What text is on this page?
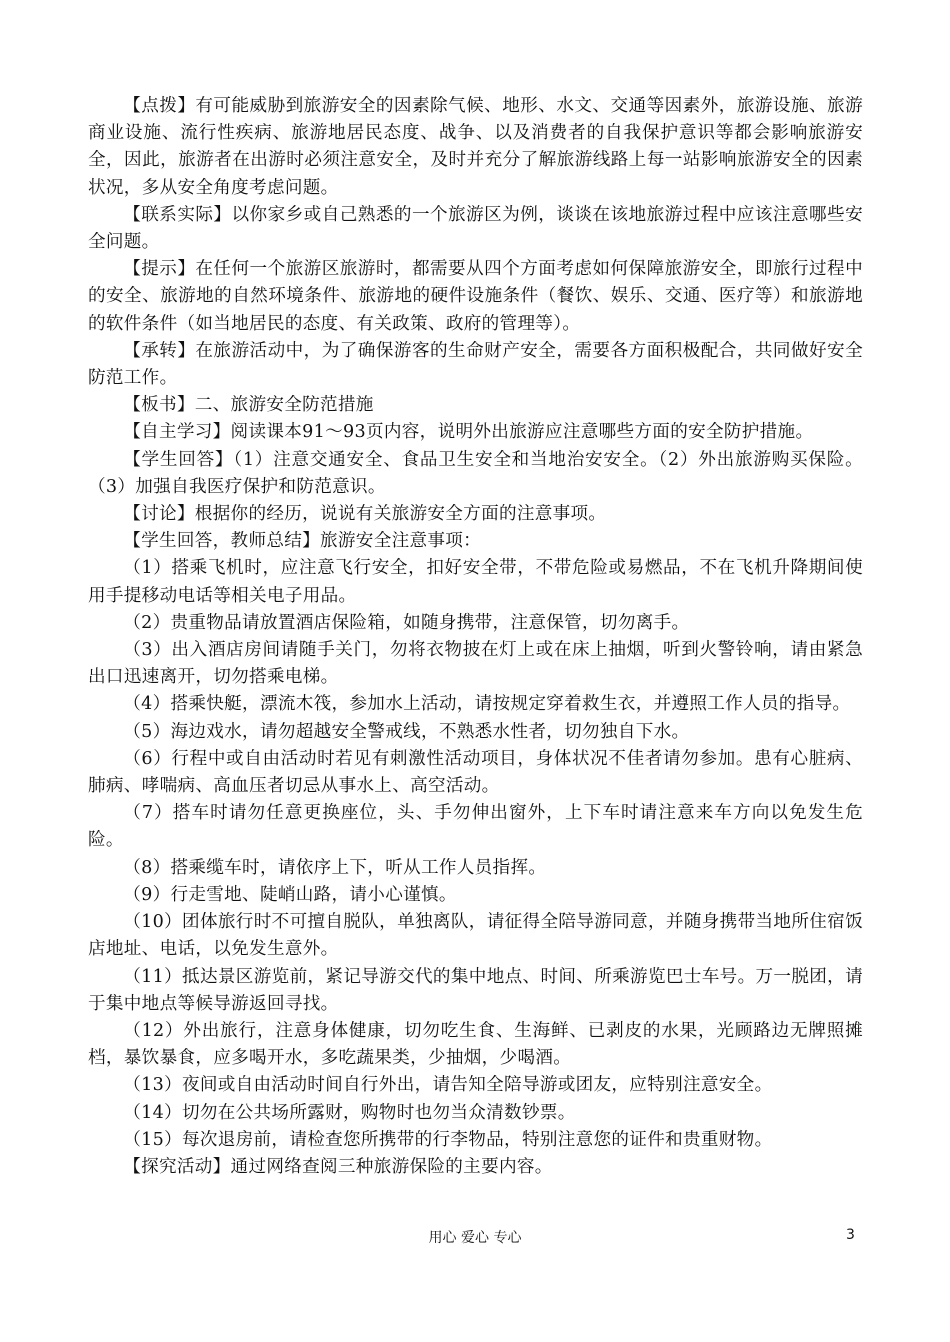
【点拨】有可能威胁到旅游安全的因素除气候、地形、水文、交通等因素外，旅游设施、旅游商业设施、流行性疾病、旅游地居民态度、战争、以及消费者的自我保护意识等都会影响旅游安全，因此，旅游者在出游时必须注意安全，及时并充分了解旅游线路上每一站影响旅游安全的因素状况，多从安全角度考虑问题。

【联系实际】以你家乡或自己熟悉的一个旅游区为例，谈谈在该地旅游过程中应该注意哪些安全问题。

【提示】在任何一个旅游区旅游时，都需要从四个方面考虑如何保障旅游安全，即旅行过程中的安全、旅游地的自然环境条件、旅游地的硬件设施条件（餐饮、娱乐、交通、医疗等）和旅游地的软件条件（如当地居民的态度、有关政策、政府的管理等）。

【承转】在旅游活动中，为了确保游客的生命财产安全，需要各方面积极配合，共同做好安全防范工作。

【板书】二、旅游安全防范措施

【自主学习】阅读课本91～93页内容，说明外出旅游应注意哪些方面的安全防护措施。

【学生回答】（1）注意交通安全、食品卫生安全和当地治安安全。（2）外出旅游购买保险。（3）加强自我医疗保护和防范意识。

【讨论】根据你的经历，说说有关旅游安全方面的注意事项。

【学生回答，教师总结】旅游安全注意事项：

（1）搭乘飞机时，应注意飞行安全，扣好安全带，不带危险或易燃品，不在飞机升降期间使用手提移动电话等相关电子用品。

（2）贵重物品请放置酒店保险箱，如随身携带，注意保管，切勿离手。

（3）出入酒店房间请随手关门，勿将衣物披在灯上或在床上抽烟，听到火警铃响，请由紧急出口迅速离开，切勿搭乘电梯。

（4）搭乘快艇，漂流木筏，参加水上活动，请按规定穿着救生衣，并遵照工作人员的指导。

（5）海边戏水，请勿超越安全警戒线，不熟悉水性者，切勿独自下水。

（6）行程中或自由活动时若见有刺激性活动项目，身体状况不佳者请勿参加。患有心脏病、肺病、哮喘病、高血压者切忌从事水上、高空活动。

（7）搭车时请勿任意更换座位，头、手勿伸出窗外，上下车时请注意来车方向以免发生危险。

（8）搭乘缆车时，请依序上下，听从工作人员指挥。

（9）行走雪地、陡峭山路，请小心谨慎。

（10）团体旅行时不可擅自脱队，单独离队，请征得全陪导游同意，并随身携带当地所住宿饭店地址、电话，以免发生意外。

（11）抵达景区游览前，紧记导游交代的集中地点、时间、所乘游览巴士车号。万一脱团，请于集中地点等候导游返回寻找。

（12）外出旅行，注意身体健康，切勿吃生食、生海鲜、已剥皮的水果，光顾路边无牌照摊档，暴饮暴食，应多喝开水，多吃蔬果类，少抽烟，少喝酒。

（13）夜间或自由活动时间自行外出，请告知全陪导游或团友，应特别注意安全。

（14）切勿在公共场所露财，购物时也勿当众清数钞票。

（15）每次退房前，请检查您所携带的行李物品，特别注意您的证件和贵重财物。

【探究活动】通过网络查阅三种旅游保险的主要内容。

用心 爱心 专心	3
